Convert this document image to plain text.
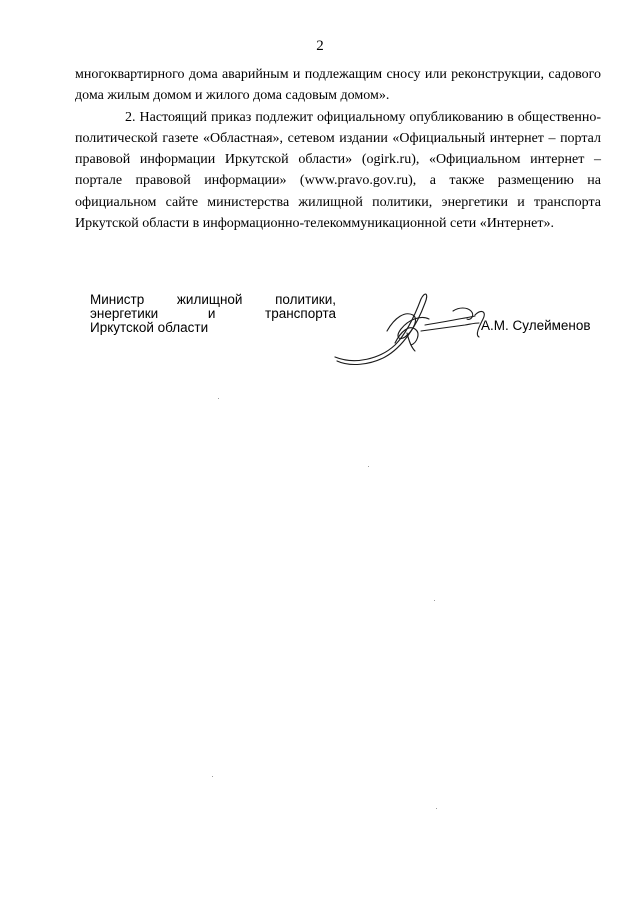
2

многоквартирного дома аварийным и подлежащим сносу или реконструкции, садового дома жилым домом и жилого дома садовым домом».

2. Настоящий приказ подлежит официальному опубликованию в общественно-политической газете «Областная», сетевом издании «Официальный интернет – портал правовой информации Иркутской области» (ogirk.ru), «Официальном интернет – портале правовой информации» (www.pravo.gov.ru), а также размещению на официальном сайте министерства жилищной политики, энергетики и транспорта Иркутской области в информационно-телекоммуникационной сети «Интернет».

Министр жилищной политики,
энергетики	и	транспорта
Иркутской области	А.М. Сулейменов
